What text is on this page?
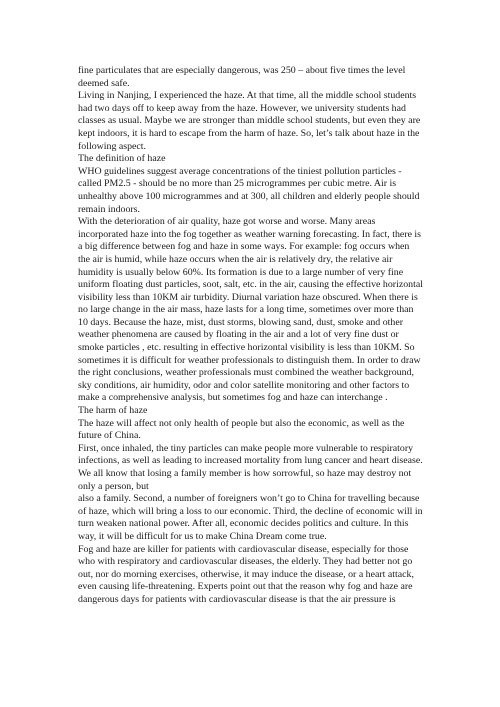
fine particulates that are especially dangerous, was 250 – about five times the level deemed safe.

Living in Nanjing, I experienced the haze. At that time, all the middle school students had two days off to keep away from the haze. However, we university students had classes as usual. Maybe we are stronger than middle school students, but even they are kept indoors, it is hard to escape from the harm of haze. So, let’s talk about haze in the following aspect.

The definition of haze

WHO guidelines suggest average concentrations of the tiniest pollution particles - called PM2.5 - should be no more than 25 microgrammes per cubic metre. Air is unhealthy above 100 microgrammes and at 300, all children and elderly people should remain indoors.

With the deterioration of air quality, haze got worse and worse. Many areas incorporated haze into the fog together as weather warning forecasting. In fact, there is a big difference between fog and haze in some ways. For example: fog occurs when the air is humid, while haze occurs when the air is relatively dry, the relative air humidity is usually below 60%. Its formation is due to a large number of very fine uniform floating dust particles, soot, salt, etc. in the air, causing the effective horizontal visibility less than 10KM air turbidity. Diurnal variation haze obscured. When there is no large change in the air mass, haze lasts for a long time, sometimes over more than 10 days. Because the haze, mist, dust storms, blowing sand, dust, smoke and other weather phenomena are caused by floating in the air and a lot of very fine dust or smoke particles , etc. resulting in effective horizontal visibility is less than 10KM. So sometimes it is difficult for weather professionals to distinguish them. In order to draw the right conclusions, weather professionals must combined the weather background, sky conditions, air humidity, odor and color satellite monitoring and other factors to make a comprehensive analysis, but sometimes fog and haze can interchange .

The harm of haze

The haze will affect not only health of people but also the economic, as well as the future of China.

First, once inhaled, the tiny particles can make people more vulnerable to respiratory infections, as well as leading to increased mortality from lung cancer and heart disease. We all know that losing a family member is how sorrowful, so haze may destroy not only a person, but

also a family. Second, a number of foreigners won’t go to China for travelling because of haze, which will bring a loss to our economic. Third, the decline of economic will in turn weaken national power. After all, economic decides politics and culture. In this way, it will be difficult for us to make China Dream come true.

Fog and haze are killer for patients with cardiovascular disease, especially for those who with respiratory and cardiovascular diseases, the elderly. They had better not go out, nor do morning exercises, otherwise, it may induce the disease, or a heart attack, even causing life-threatening. Experts point out that the reason why fog and haze are dangerous days for patients with cardiovascular disease is that the air pressure is
